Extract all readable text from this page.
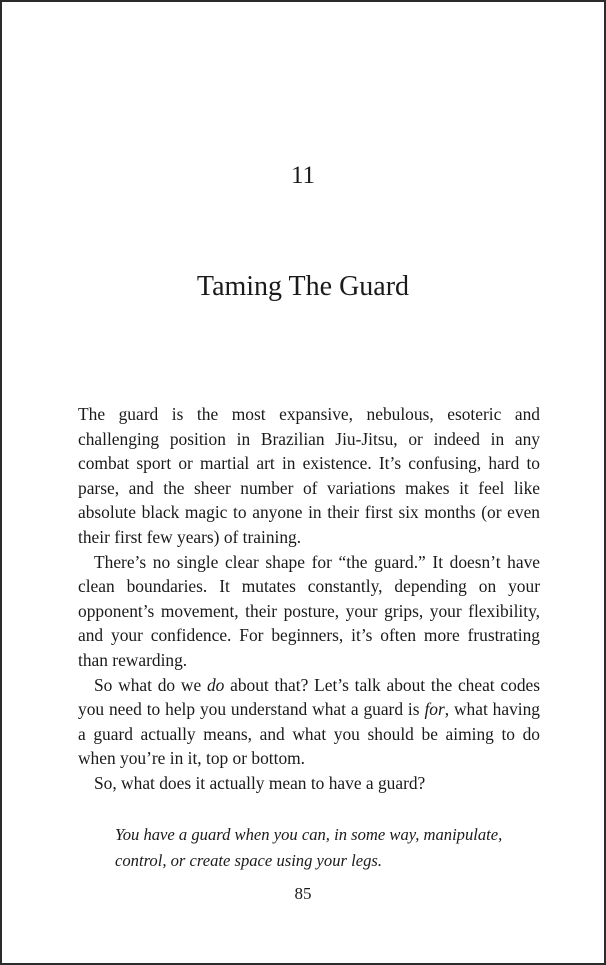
11
Taming The Guard

The guard is the most expansive, nebulous, esoteric and challenging position in Brazilian Jiu-Jitsu, or indeed in any combat sport or martial art in existence. It’s confusing, hard to parse, and the sheer number of variations makes it feel like absolute black magic to anyone in their first six months (or even their first few years) of training.

There’s no single clear shape for “the guard.” It doesn’t have clean boundaries. It mutates constantly, depending on your opponent’s movement, their posture, your grips, your flexibility, and your confidence. For beginners, it’s often more frustrating than rewarding.

So what do we do about that? Let’s talk about the cheat codes you need to help you understand what a guard is for, what having a guard actually means, and what you should be aiming to do when you’re in it, top or bottom.

So, what does it actually mean to have a guard?

You have a guard when you can, in some way, manipulate, control, or create space using your legs.

85
